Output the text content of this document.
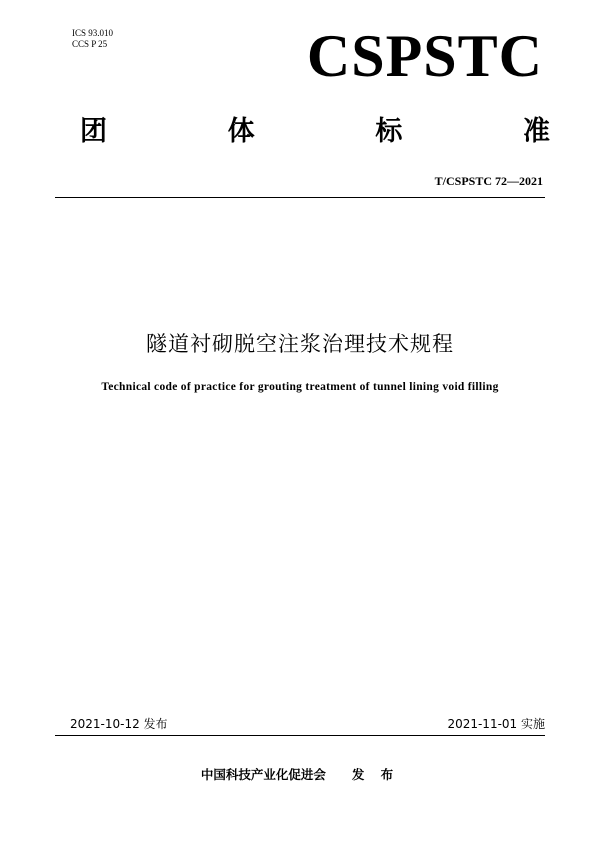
ICS 93.010
CCS P 25	CSPSTC
团	体	标	准
T/CSPSTC 72—2021
隧道衬砌脱空注浆治理技术规程
Technical code of practice for grouting treatment of tunnel lining void filling
2021-10-12 发布	2021-11-01 实施
中国科技产业化促进会 发 布
